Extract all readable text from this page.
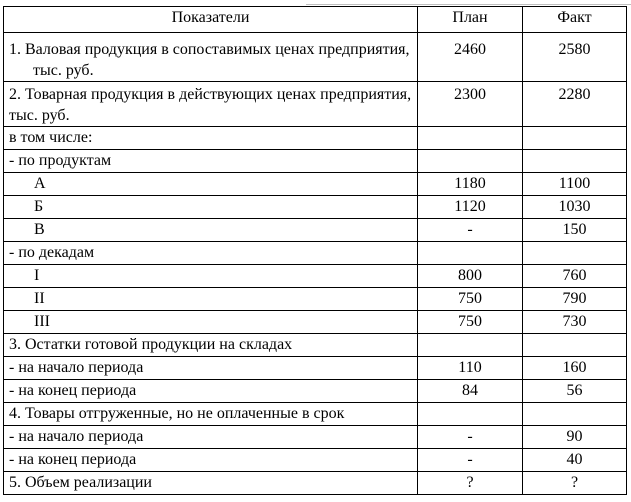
Показатели	План	Факт

1. Валовая продукция в сопоставимых ценах предприятия, тыс. руб.	2460	2580
2. Товарная продукция в действующих ценах предприятия, тыс. руб.	2300	2280
в том числе:		
- по продуктам		
А	1180	1100
Б	1120	1030
В	-	150
- по декадам		
I	800	760
II	750	790
III	750	730
3. Остатки готовой продукции на складах		
- на начало периода	110	160
- на конец периода	84	56
4. Товары отгруженные, но не оплаченные в срок		
- на начало периода	-	90
- на конец периода	-	40
5. Объем реализации	?	?
